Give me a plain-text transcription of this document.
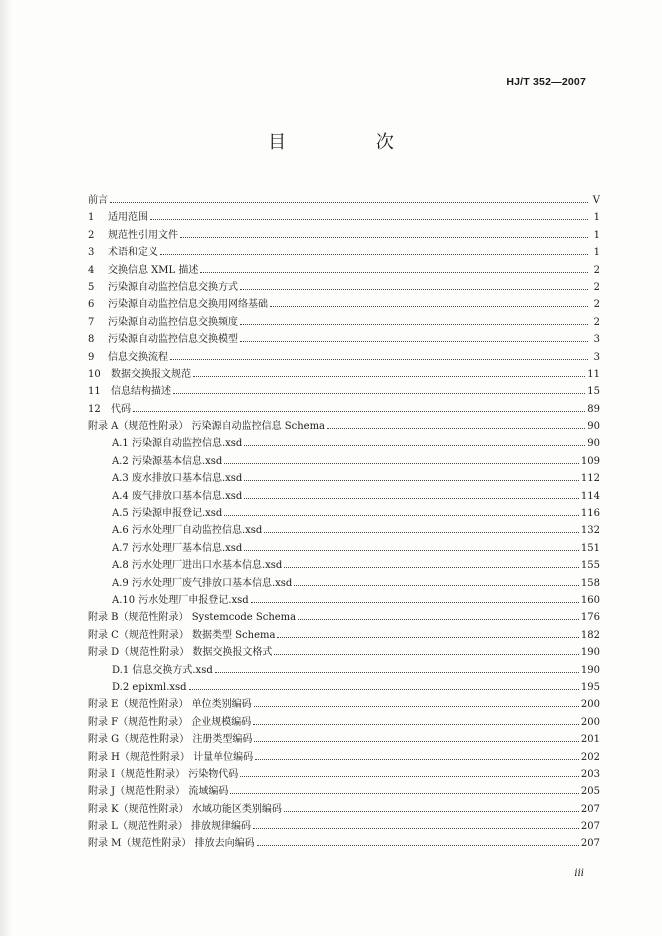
HJ/T 352—2007
目 次
前言	V
1	适用范围	1
2	规范性引用文件	1
3	术语和定义	1
4	交换信息 XML 描述	2
5	污染源自动监控信息交换方式	2
6	污染源自动监控信息交换用网络基础	2
7	污染源自动监控信息交换频度	2
8	污染源自动监控信息交换模型	3
9	信息交换流程	3
10	数据交换报文规范	11
11	信息结构描述	15
12	代码	89
附录 A（规范性附录） 污染源自动监控信息 Schema	90
A.1 污染源自动监控信息.xsd	90
A.2 污染源基本信息.xsd	109
A.3 废水排放口基本信息.xsd	112
A.4 废气排放口基本信息.xsd	114
A.5 污染源申报登记.xsd	116
A.6 污水处理厂自动监控信息.xsd	132
A.7 污水处理厂基本信息.xsd	151
A.8 污水处理厂进出口水基本信息.xsd	155
A.9 污水处理厂废气排放口基本信息.xsd	158
A.10 污水处理厂申报登记.xsd	160
附录 B（规范性附录） Systemcode Schema	176
附录 C（规范性附录） 数据类型 Schema	182
附录 D（规范性附录） 数据交换报文格式	190
D.1 信息交换方式.xsd	190
D.2 epixml.xsd	195
附录 E（规范性附录） 单位类别编码	200
附录 F（规范性附录） 企业规模编码	200
附录 G（规范性附录） 注册类型编码	201
附录 H（规范性附录） 计量单位编码	202
附录 I（规范性附录） 污染物代码	203
附录 J（规范性附录） 流域编码	205
附录 K（规范性附录） 水域功能区类别编码	207
附录 L（规范性附录） 排放规律编码	207
附录 M（规范性附录） 排放去向编码	207
iii
